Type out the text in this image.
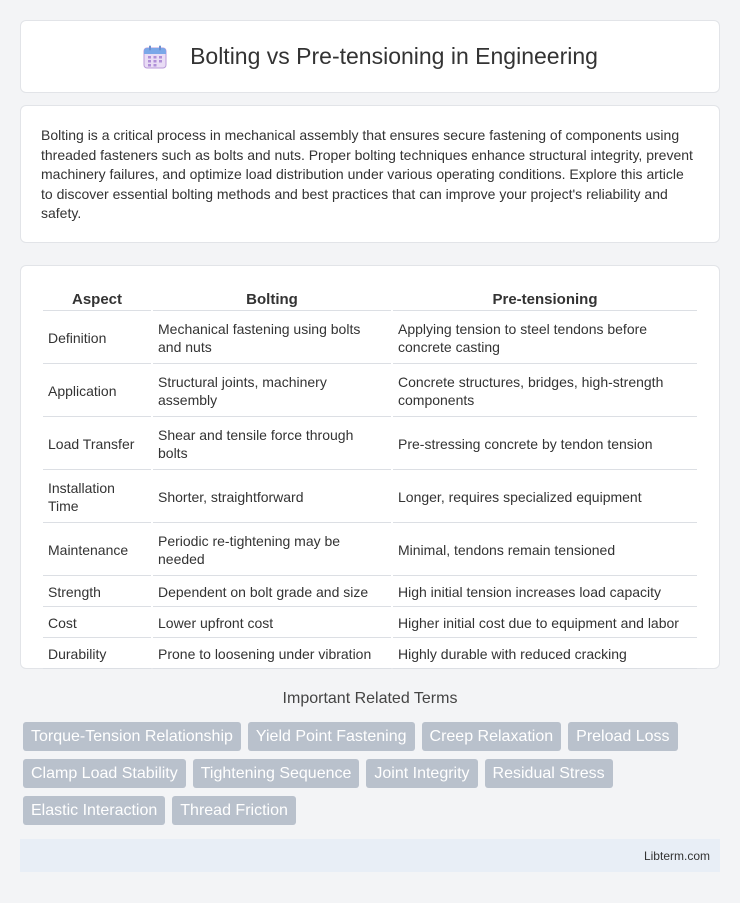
Bolting vs Pre-tensioning in Engineering

Bolting is a critical process in mechanical assembly that ensures secure fastening of components using threaded fasteners such as bolts and nuts. Proper bolting techniques enhance structural integrity, prevent machinery failures, and optimize load distribution under various operating conditions. Explore this article to discover essential bolting methods and best practices that can improve your project's reliability and safety.

Aspect	Bolting	Pre-tensioning
Definition	Mechanical fastening using bolts and nuts	Applying tension to steel tendons before concrete casting
Application	Structural joints, machinery assembly	Concrete structures, bridges, high-strength components
Load Transfer	Shear and tensile force through bolts	Pre-stressing concrete by tendon tension
Installation Time	Shorter, straightforward	Longer, requires specialized equipment
Maintenance	Periodic re-tightening may be needed	Minimal, tendons remain tensioned
Strength	Dependent on bolt grade and size	High initial tension increases load capacity
Cost	Lower upfront cost	Higher initial cost due to equipment and labor
Durability	Prone to loosening under vibration	Highly durable with reduced cracking
Important Related Terms
Torque-Tension Relationship	Yield Point Fastening	Creep Relaxation	Preload Loss
Clamp Load Stability	Tightening Sequence	Joint Integrity	Residual Stress
Elastic Interaction	Thread Friction
Libterm.com
